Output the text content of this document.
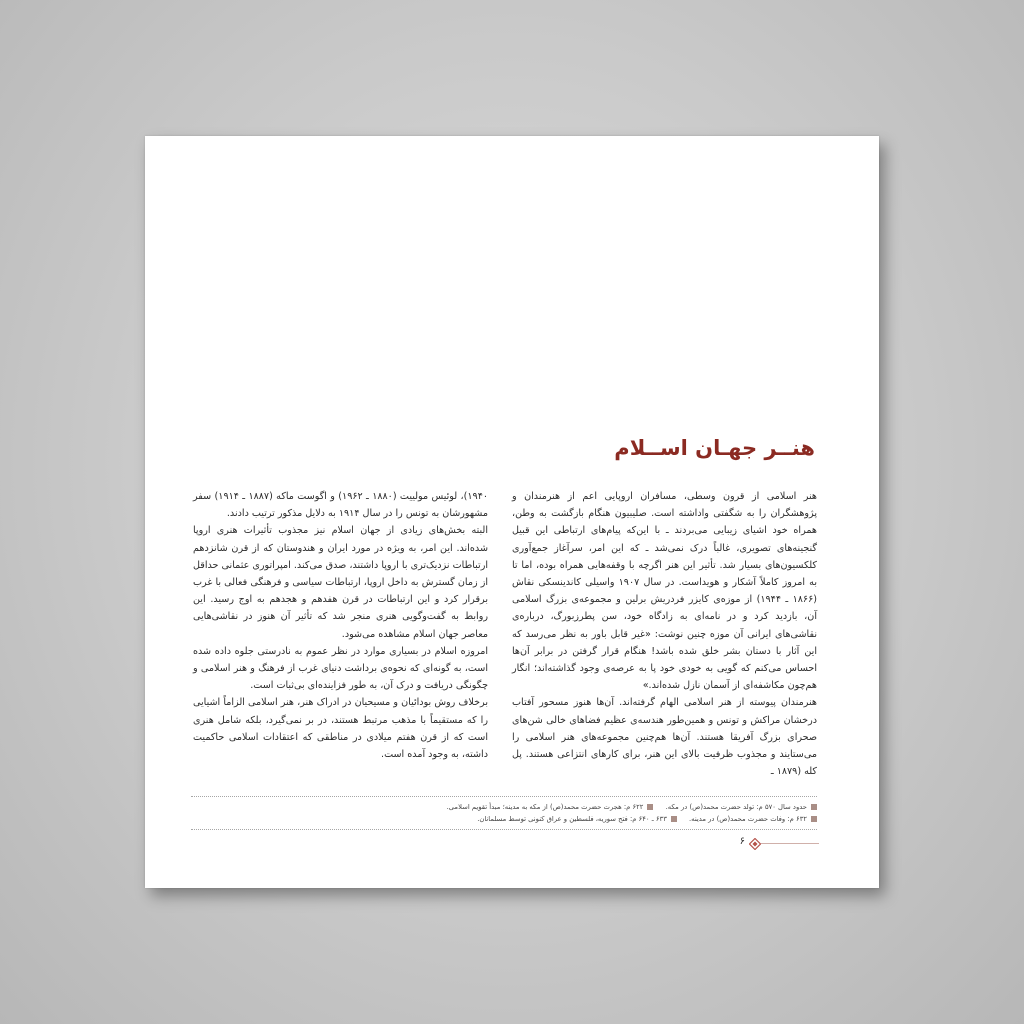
هنــر جهـان اســلام

هنر اسلامی از قرون وسطی، مسافران اروپایی اعم از هنرمندان و پژوهشگران را به شگفتی واداشته است. صلیبیون هنگام بازگشت به وطن، همراه خود اشیای زیبایی می‌بردند ـ با این‌که پیام‌های ارتباطی این قبیل گنجینه‌های تصویری، غالباً درک نمی‌شد ـ که این امر، سرآغاز جمع‌آوری کلکسیون‌های بسیار شد. تأثیر این هنر اگرچه با وقفه‌هایی همراه بوده، اما تا به امروز کاملاً آشکار و هویداست. در سال ۱۹۰۷ واسیلی کاندینسکی نقاش (۱۸۶۶ ـ ۱۹۴۴) از موزه‌ی کایزر فردریش برلین و مجموعه‌ی بزرگ اسلامی آن، بازدید کرد و در نامه‌ای به زادگاه خود، سن پطرزبورگ، درباره‌ی نقاشی‌های ایرانی آن موزه چنین نوشت: «غیر قابل باور به نظر می‌رسد که این آثار با دستان بشر خلق شده باشد! هنگام قرار گرفتن در برابر آن‌ها احساس می‌کنم که گویی به خودی خود پا به عرصه‌ی وجود گذاشته‌اند؛ انگار هم‌چون مکاشفه‌ای از آسمان نازل شده‌اند.»

هنرمندان پیوسته از هنر اسلامی الهام گرفته‌اند. آن‌ها هنوز مسحور آفتاب درخشان مراکش و تونس و همین‌طور هندسه‌ی عظیم فضاهای خالی شن‌های صحرای بزرگ آفریقا هستند. آن‌ها هم‌چنین مجموعه‌های هنر اسلامی را می‌ستایند و مجذوب ظرفیت بالای این هنر، برای کارهای انتزاعی هستند. پل کله (۱۸۷۹ ـ

۱۹۴۰)، لوئیس مولییت (۱۸۸۰ ـ ۱۹۶۲) و اگوست ماکه (۱۸۸۷ ـ ۱۹۱۴) سفر مشهورشان به تونس را در سال ۱۹۱۴ به دلایل مذکور ترتیب دادند.

البته بخش‌های زیادی از جهان اسلام نیز مجذوب تأثیرات هنری اروپا شده‌اند. این امر، به ویژه در مورد ایران و هندوستان که از قرن شانزدهم ارتباطات نزدیک‌تری با اروپا داشتند، صدق می‌کند. امپراتوری عثمانی حداقل از زمان گسترش به داخل اروپا، ارتباطات سیاسی و فرهنگی فعالی با غرب برقرار کرد و این ارتباطات در قرن هفدهم و هجدهم به اوج رسید. این روابط به گفت‌وگویی هنری منجر شد که تأثیر آن هنوز در نقاشی‌هایی معاصر جهان اسلام مشاهده می‌شود.

امروزه اسلام در بسیاری موارد در نظر عموم به نادرستی جلوه داده شده است، به گونه‌ای که نحوه‌ی برداشت دنیای غرب از فرهنگ و هنر اسلامی و چگونگی دریافت و درک آن، به طور فزاینده‌ای بی‌ثبات است.

برخلاف روش بودائیان و مسیحیان در ادراک هنر، هنر اسلامی الزاماً اشیایی را که مستقیماً با مذهب مرتبط هستند، در بر نمی‌گیرد، بلکه شامل هنری است که از قرن هفتم میلادی در مناطقی که اعتقادات اسلامی حاکمیت داشته، به وجود آمده است.

حدود سال ۵۷۰ م: تولد حضرت محمد(ص) در مکه. ۶۲۲ م: هجرت حضرت محمد(ص) از مکه به مدینه؛ مبدأ تقویم اسلامی.
۶۳۲ م: وفات حضرت محمد(ص) در مدینه. ۶۳۳ ـ ۶۴۰ م: فتح سوریه، فلسطین و عراق کنونی توسط مسلمانان.
۶
